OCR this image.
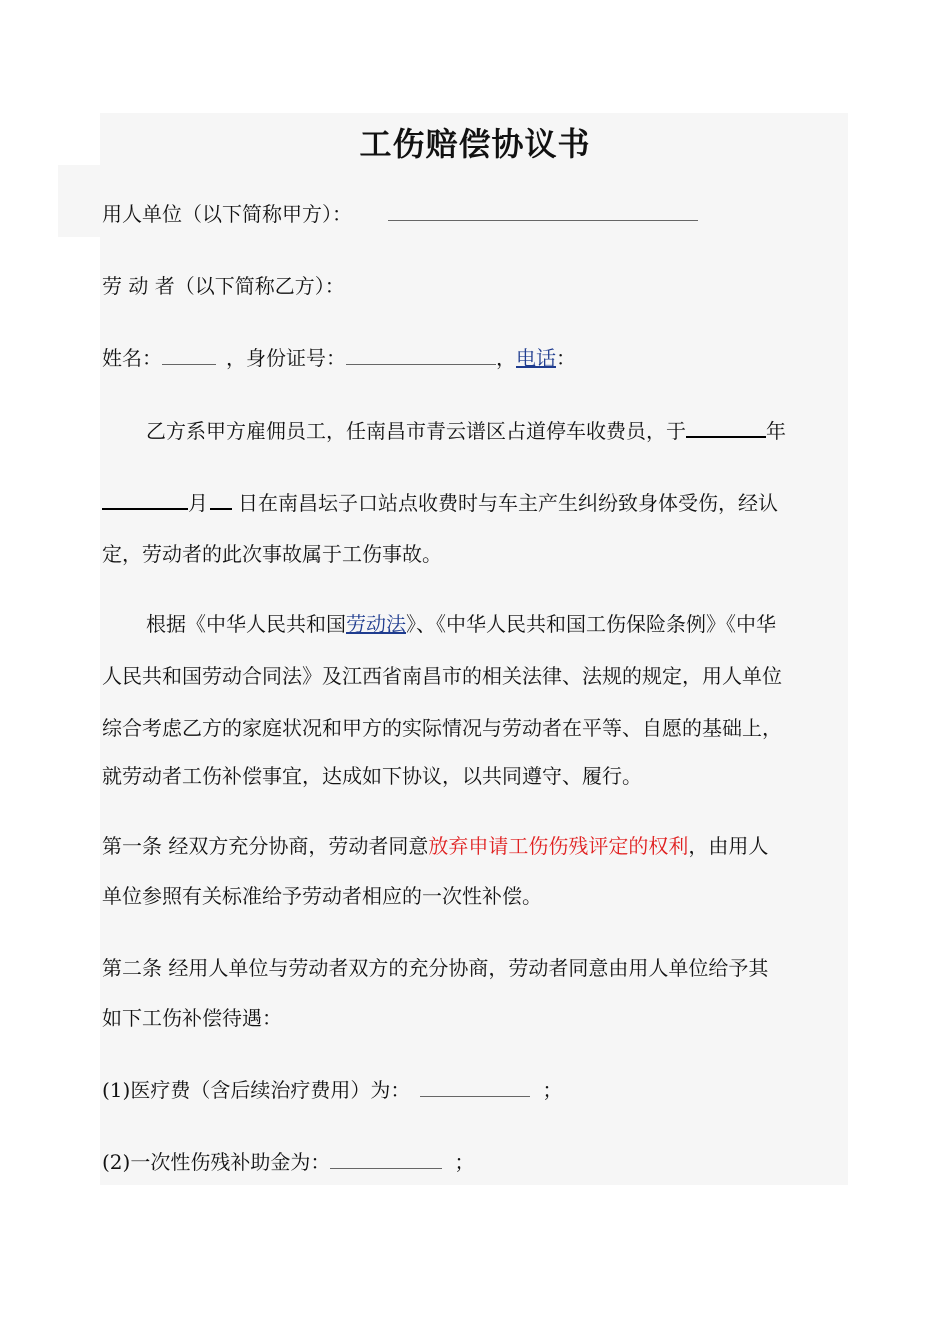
工伤赔偿协议书
用人单位（以下简称甲方）：
劳 动 者（以下简称乙方）：
姓名：	，身份证号：	，电话：
乙方系甲方雇佣员工，任南昌市青云谱区占道停车收费员，于	年
月 日在南昌坛子口站点收费时与车主产生纠纷致身体受伤，经认
定，劳动者的此次事故属于工伤事故。
根据《中华人民共和国劳动法》、《中华人民共和国工伤保险条例》《中华
人民共和国劳动合同法》及江西省南昌市的相关法律、法规的规定，用人单位
综合考虑乙方的家庭状况和甲方的实际情况与劳动者在平等、自愿的基础上，
就劳动者工伤补偿事宜，达成如下协议，以共同遵守、履行。
第一条 经双方充分协商，劳动者同意放弃申请工伤伤残评定的权利，由用人
单位参照有关标准给予劳动者相应的一次性补偿。
第二条 经用人单位与劳动者双方的充分协商，劳动者同意由用人单位给予其
如下工伤补偿待遇：
(1)医疗费（含后续治疗费用）为：	；
(2)一次性伤残补助金为：	；
